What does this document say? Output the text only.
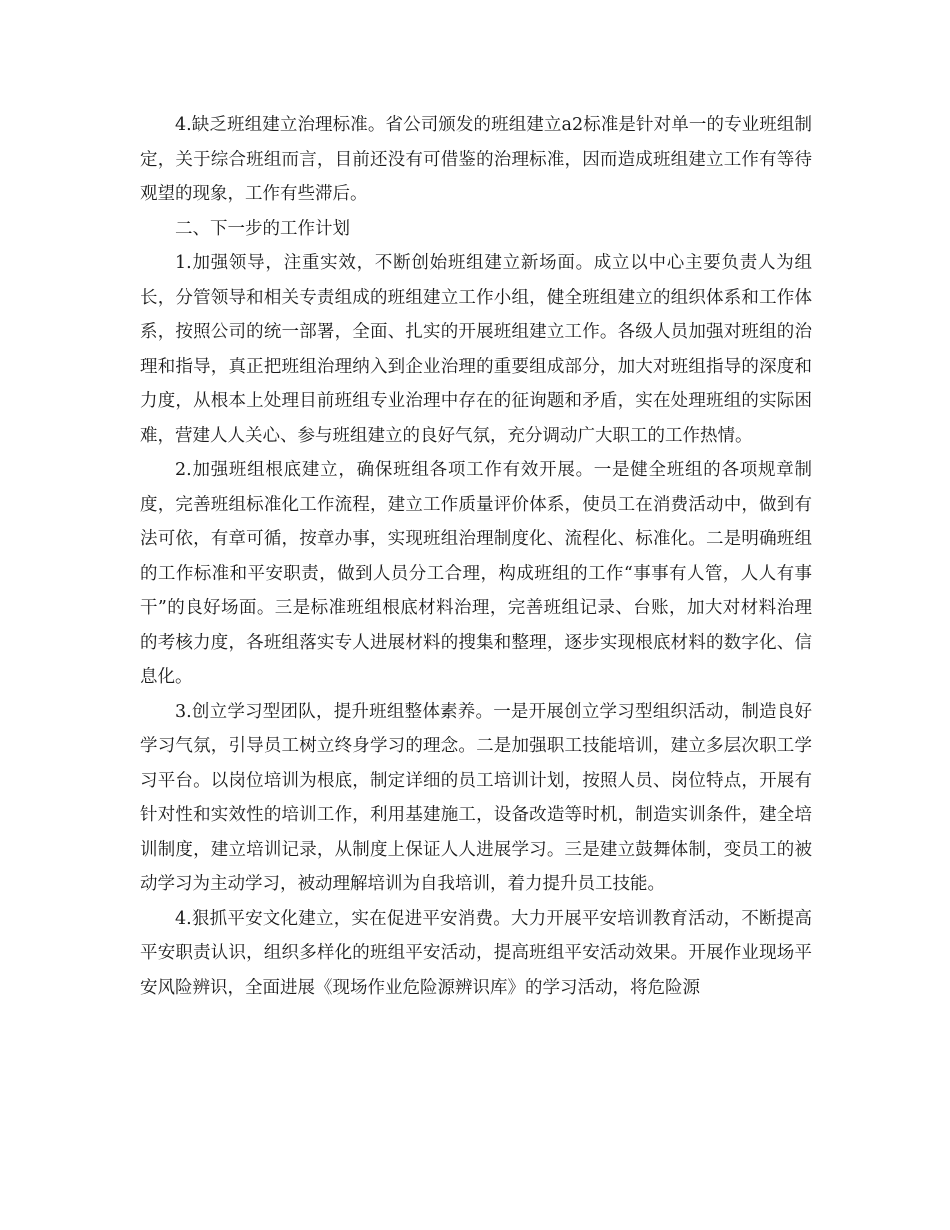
4.缺乏班组建立治理标准。省公司颁发的班组建立a2标准是针对单一的专业班组制定，关于综合班组而言，目前还没有可借鉴的治理标准，因而造成班组建立工作有等待观望的现象，工作有些滞后。

二、下一步的工作计划

1.加强领导，注重实效，不断创始班组建立新场面。成立以中心主要负责人为组长，分管领导和相关专责组成的班组建立工作小组，健全班组建立的组织体系和工作体系，按照公司的统一部署，全面、扎实的开展班组建立工作。各级人员加强对班组的治理和指导，真正把班组治理纳入到企业治理的重要组成部分，加大对班组指导的深度和力度，从根本上处理目前班组专业治理中存在的征询题和矛盾，实在处理班组的实际困难，营建人人关心、参与班组建立的良好气氛，充分调动广大职工的工作热情。

2.加强班组根底建立，确保班组各项工作有效开展。一是健全班组的各项规章制度，完善班组标准化工作流程，建立工作质量评价体系，使员工在消费活动中，做到有法可依，有章可循，按章办事，实现班组治理制度化、流程化、标准化。二是明确班组的工作标准和平安职责，做到人员分工合理，构成班组的工作“事事有人管，人人有事干”的良好场面。三是标准班组根底材料治理，完善班组记录、台账，加大对材料治理的考核力度，各班组落实专人进展材料的搜集和整理，逐步实现根底材料的数字化、信息化。

3.创立学习型团队，提升班组整体素养。一是开展创立学习型组织活动，制造良好学习气氛，引导员工树立终身学习的理念。二是加强职工技能培训，建立多层次职工学习平台。以岗位培训为根底，制定详细的员工培训计划，按照人员、岗位特点，开展有针对性和实效性的培训工作，利用基建施工，设备改造等时机，制造实训条件，建全培训制度，建立培训记录，从制度上保证人人进展学习。三是建立鼓舞体制，变员工的被动学习为主动学习，被动理解培训为自我培训，着力提升员工技能。

4.狠抓平安文化建立，实在促进平安消费。大力开展平安培训教育活动，不断提高平安职责认识，组织多样化的班组平安活动，提高班组平安活动效果。开展作业现场平安风险辨识，全面进展《现场作业危险源辨识库》的学习活动，将危险源
